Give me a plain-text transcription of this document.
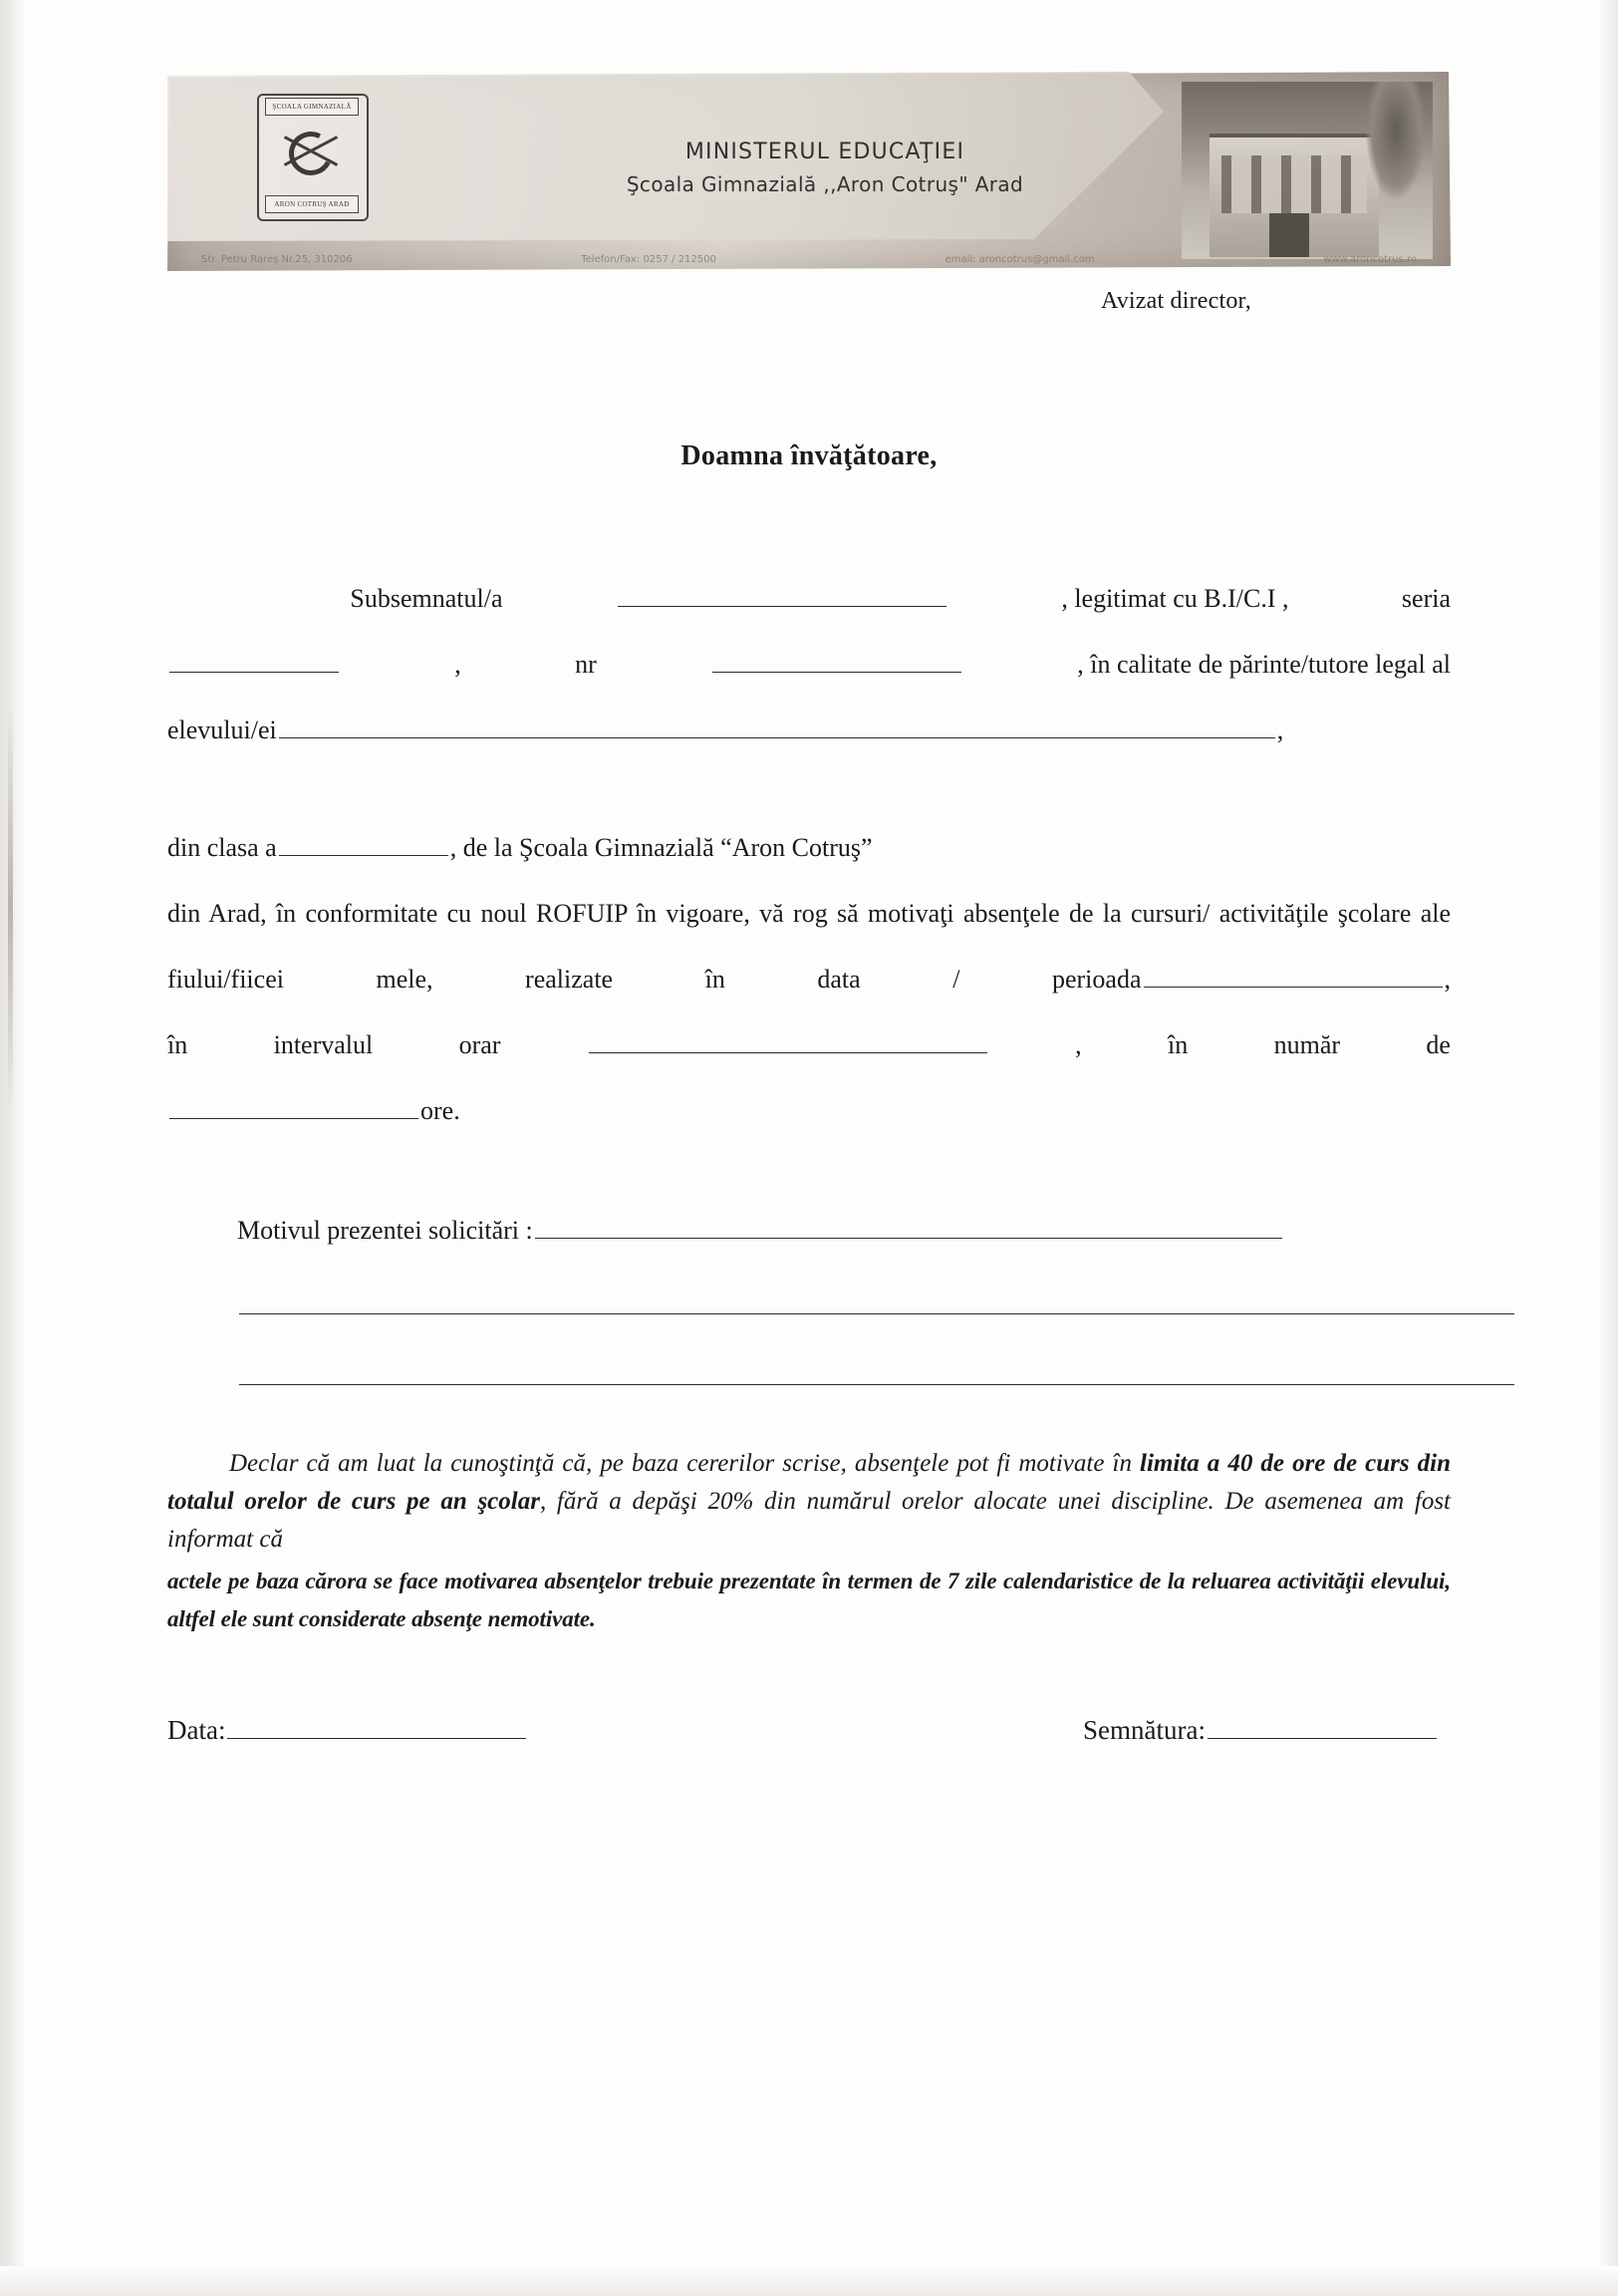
ŞCOALA GIMNAZIALĂ
ARON COTRUŞ ARAD
MINISTERUL EDUCAŢIEI
Şcoala Gimnazială ,,Aron Cotruş" Arad
Str. Petru Rareş Nr.25, 310206	Telefon/Fax: 0257 / 212500	email: aroncotrus@gmail.com	www.aroncotrus.ro
Avizat director,
Doamna învăţătoare,
Subsemnatul/a	, legitimat cu B.I/C.I ,	seria
,	nr	, în calitate de părinte/tutore legal al
elevului/ei	,
din clasa a	, de la Şcoala Gimnazială “Aron Cotruş”
din Arad, în conformitate cu noul ROFUIP în vigoare, vă rog să motivaţi absenţele de la cursuri/ activităţile şcolare ale fiului/fiicei mele, realizate în data / perioada	,
în	intervalul	orar	,	în	număr	de
ore.
Motivul prezentei solicitări :
Declar că am luat la cunoştinţă că, pe baza cererilor scrise, absenţele pot fi motivate în limita a 40 de ore de curs din totalul orelor de curs pe an şcolar, fără a depăşi 20% din numărul orelor alocate unei discipline. De asemenea am fost informat că
actele pe baza cărora se face motivarea absenţelor trebuie prezentate în termen de 7 zile calendaristice de la reluarea activităţii elevului, altfel ele sunt considerate absenţe nemotivate.
Data:	Semnătura:
